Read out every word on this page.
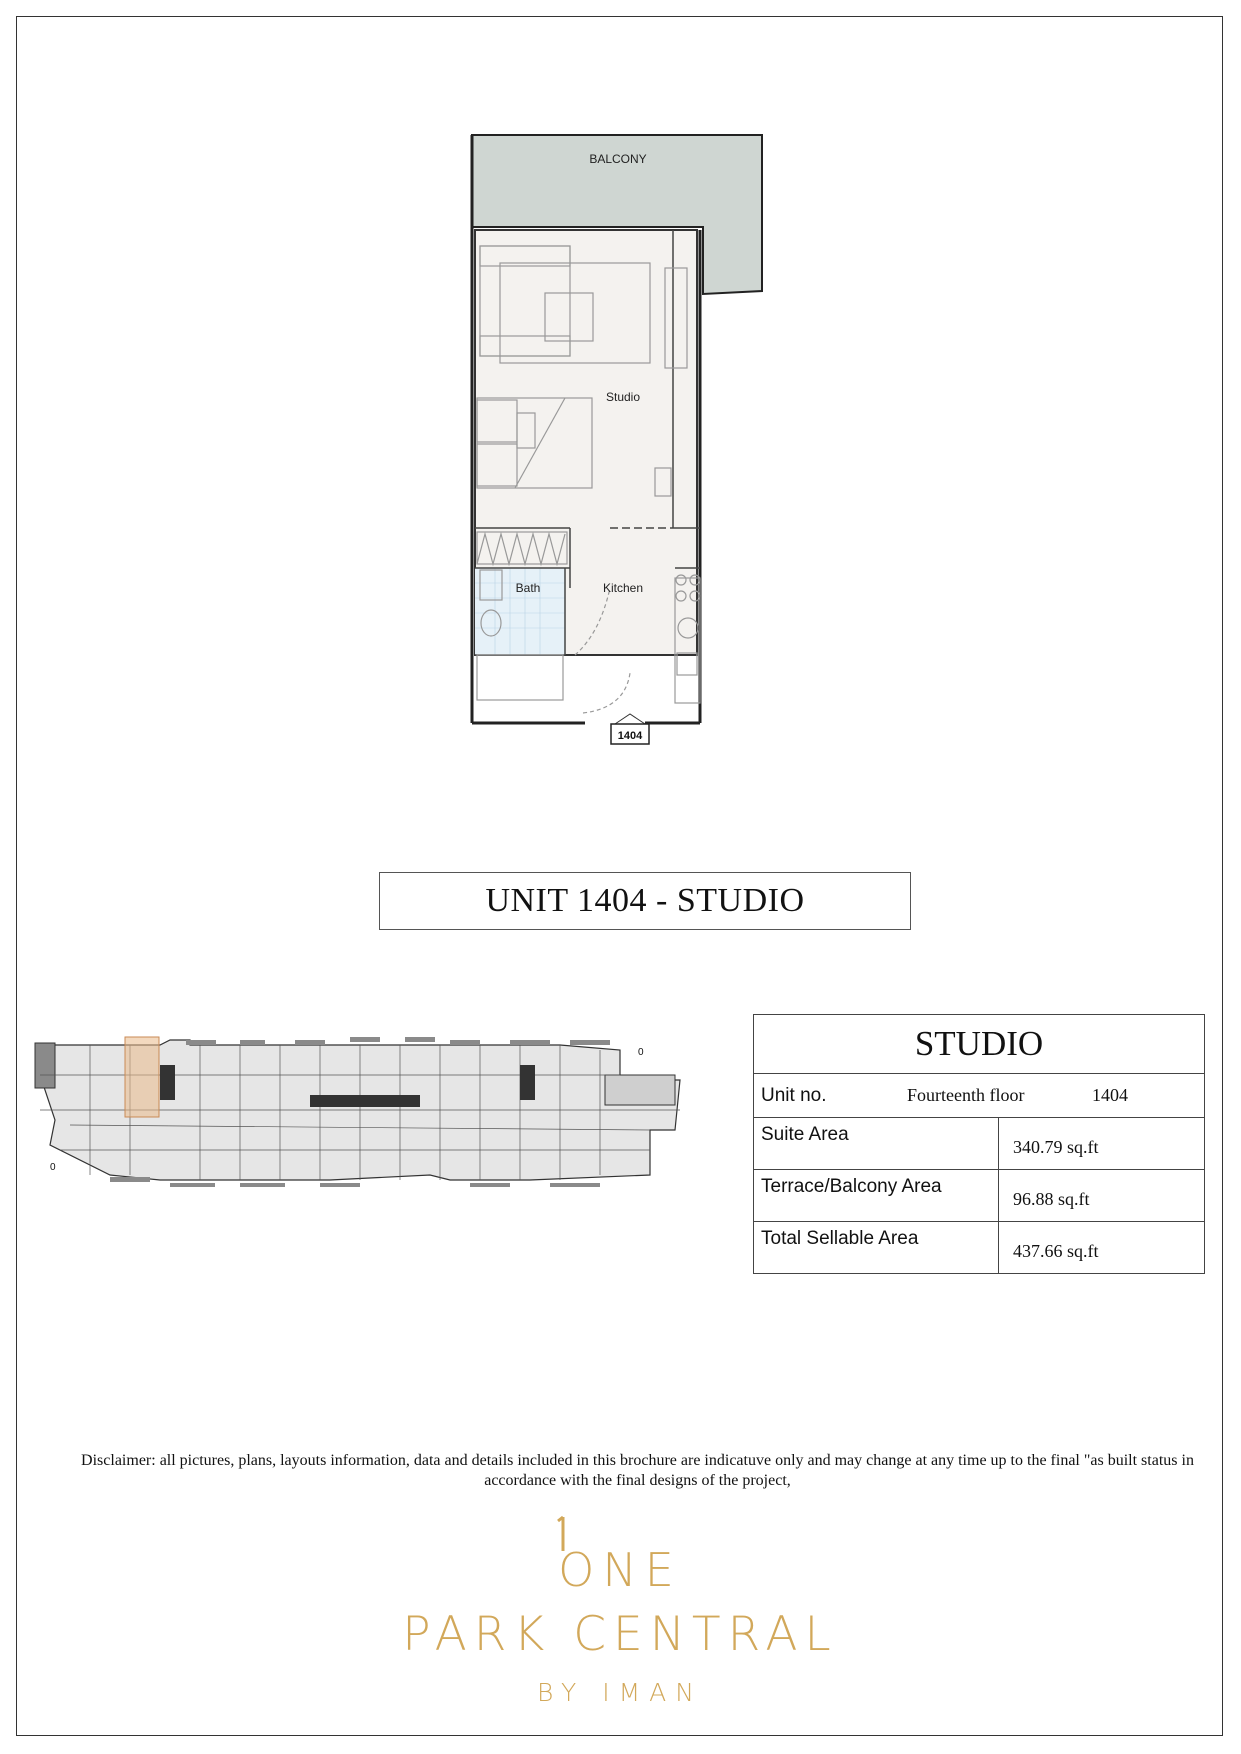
1404
BALCONY
Studio
Bath	Kitchen
UNIT 1404 - STUDIO
0
0
STUDIO	

Unit no. Fourteenth floor 1404	

Suite Area	340.79 sq.ft
Terrace/Balcony Area	96.88 sq.ft
Total Sellable Area	437.66 sq.ft
Disclaimer: all pictures, plans, layouts information, data and details included in this brochure are indicatuve only and may change at any time up to the final "as built status in accordance with the final designs of the project,
ONE
PARK CENTRAL
BY IMAN
